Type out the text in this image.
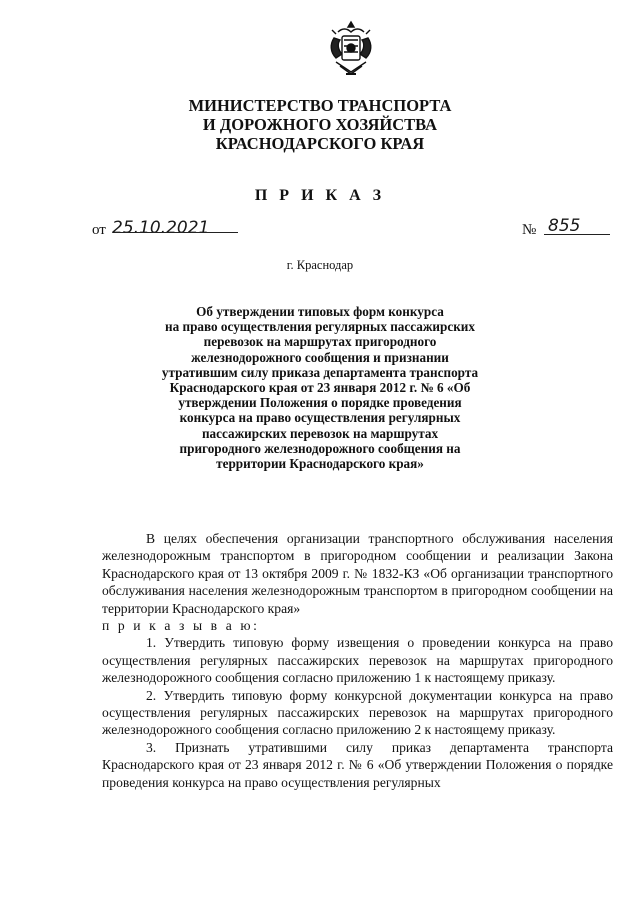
МИНИСТЕРСТВО ТРАНСПОРТА
И ДОРОЖНОГО ХОЗЯЙСТВА
КРАСНОДАРСКОГО КРАЯ
П Р И К А З
от 25.10.2021	№ 855
г. Краснодар
Об утверждении типовых форм конкурса
на право осуществления регулярных пассажирских
перевозок на маршрутах пригородного
железнодорожного сообщения и признании
утратившим силу приказа департамента транспорта
Краснодарского края от 23 января 2012 г. № 6 «Об
утверждении Положения о порядке проведения
конкурса на право осуществления регулярных
пассажирских перевозок на маршрутах
пригородного железнодорожного сообщения на
территории Краснодарского края»

В целях обеспечения организации транспортного обслуживания населения железнодорожным транспортом в пригородном сообщении и реализации Закона Краснодарского края от 13 октября 2009 г. № 1832-КЗ «Об организации транспортного обслуживания населения железнодорожным транспортом в пригородном сообщении на территории Краснодарского края»

п р и к а з ы в а ю:

1. Утвердить типовую форму извещения о проведении конкурса на право осуществления регулярных пассажирских перевозок на маршрутах пригородного железнодорожного сообщения согласно приложению 1 к настоящему приказу.

2. Утвердить типовую форму конкурсной документации конкурса на право осуществления регулярных пассажирских перевозок на маршрутах пригородного железнодорожного сообщения согласно приложению 2 к настоящему приказу.

3. Признать утратившими силу приказ департамента транспорта Краснодарского края от 23 января 2012 г. № 6 «Об утверждении Положения о порядке проведения конкурса на право осуществления регулярных
